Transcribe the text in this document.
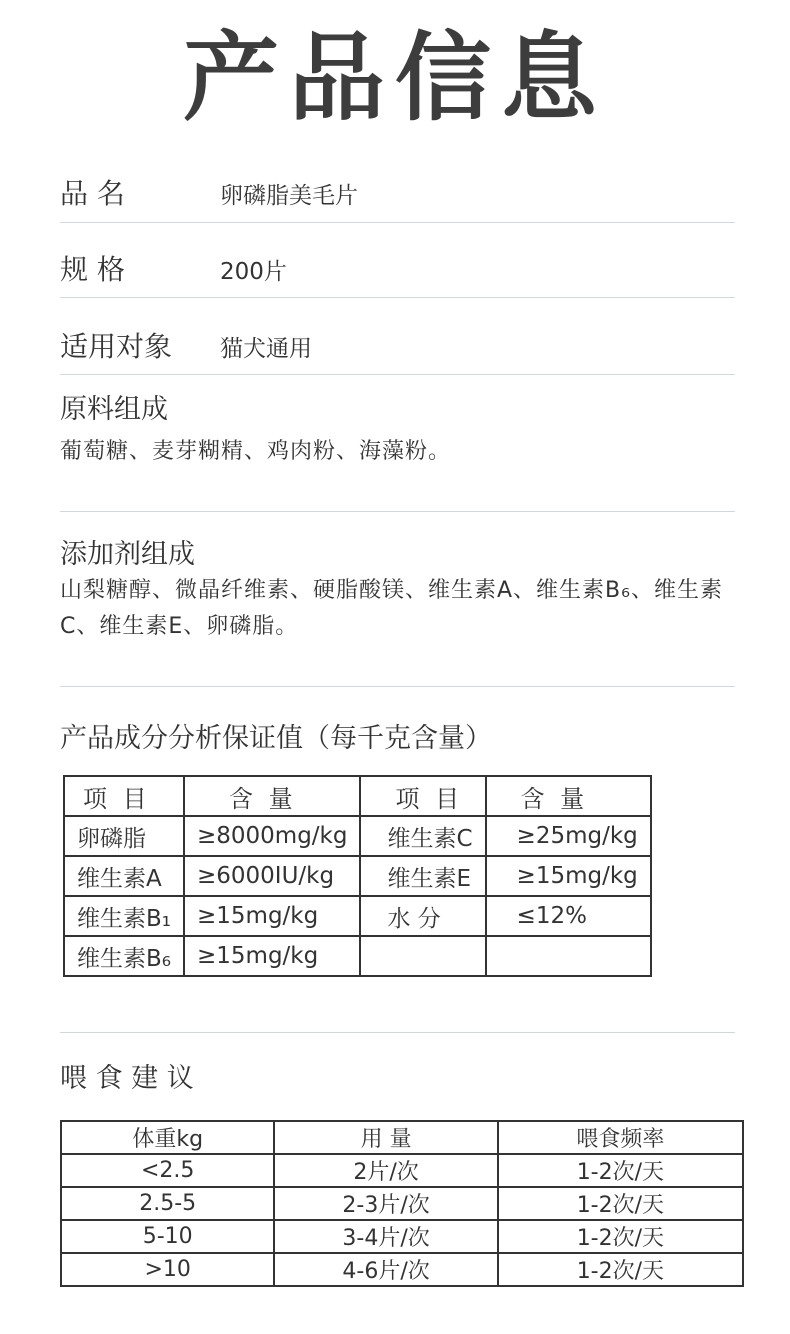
产品信息
品 名	卵磷脂美毛片
规 格	200片
适用对象 猫犬通用
原料组成
葡萄糖、麦芽糊精、鸡肉粉、海藻粉。
添加剂组成
山梨糖醇、微晶纤维素、硬脂酸镁、维生素A、维生素B₆、维生素C、维生素E、卵磷脂。
产品成分分析保证值（每千克含量）
项 目	含 量	项 目	含 量
卵磷脂	≥8000mg/kg	维生素C	≥25mg/kg
维生素A	≥6000IU/kg	维生素E	≥15mg/kg
维生素B₁	≥15mg/kg	水 分	≤12%
维生素B₆	≥15mg/kg		
喂 食 建 议
体重kg	用 量	喂食频率
<2.5	2片/次	1-2次/天
2.5-5	2-3片/次	1-2次/天
5-10	3-4片/次	1-2次/天
>10	4-6片/次	1-2次/天
